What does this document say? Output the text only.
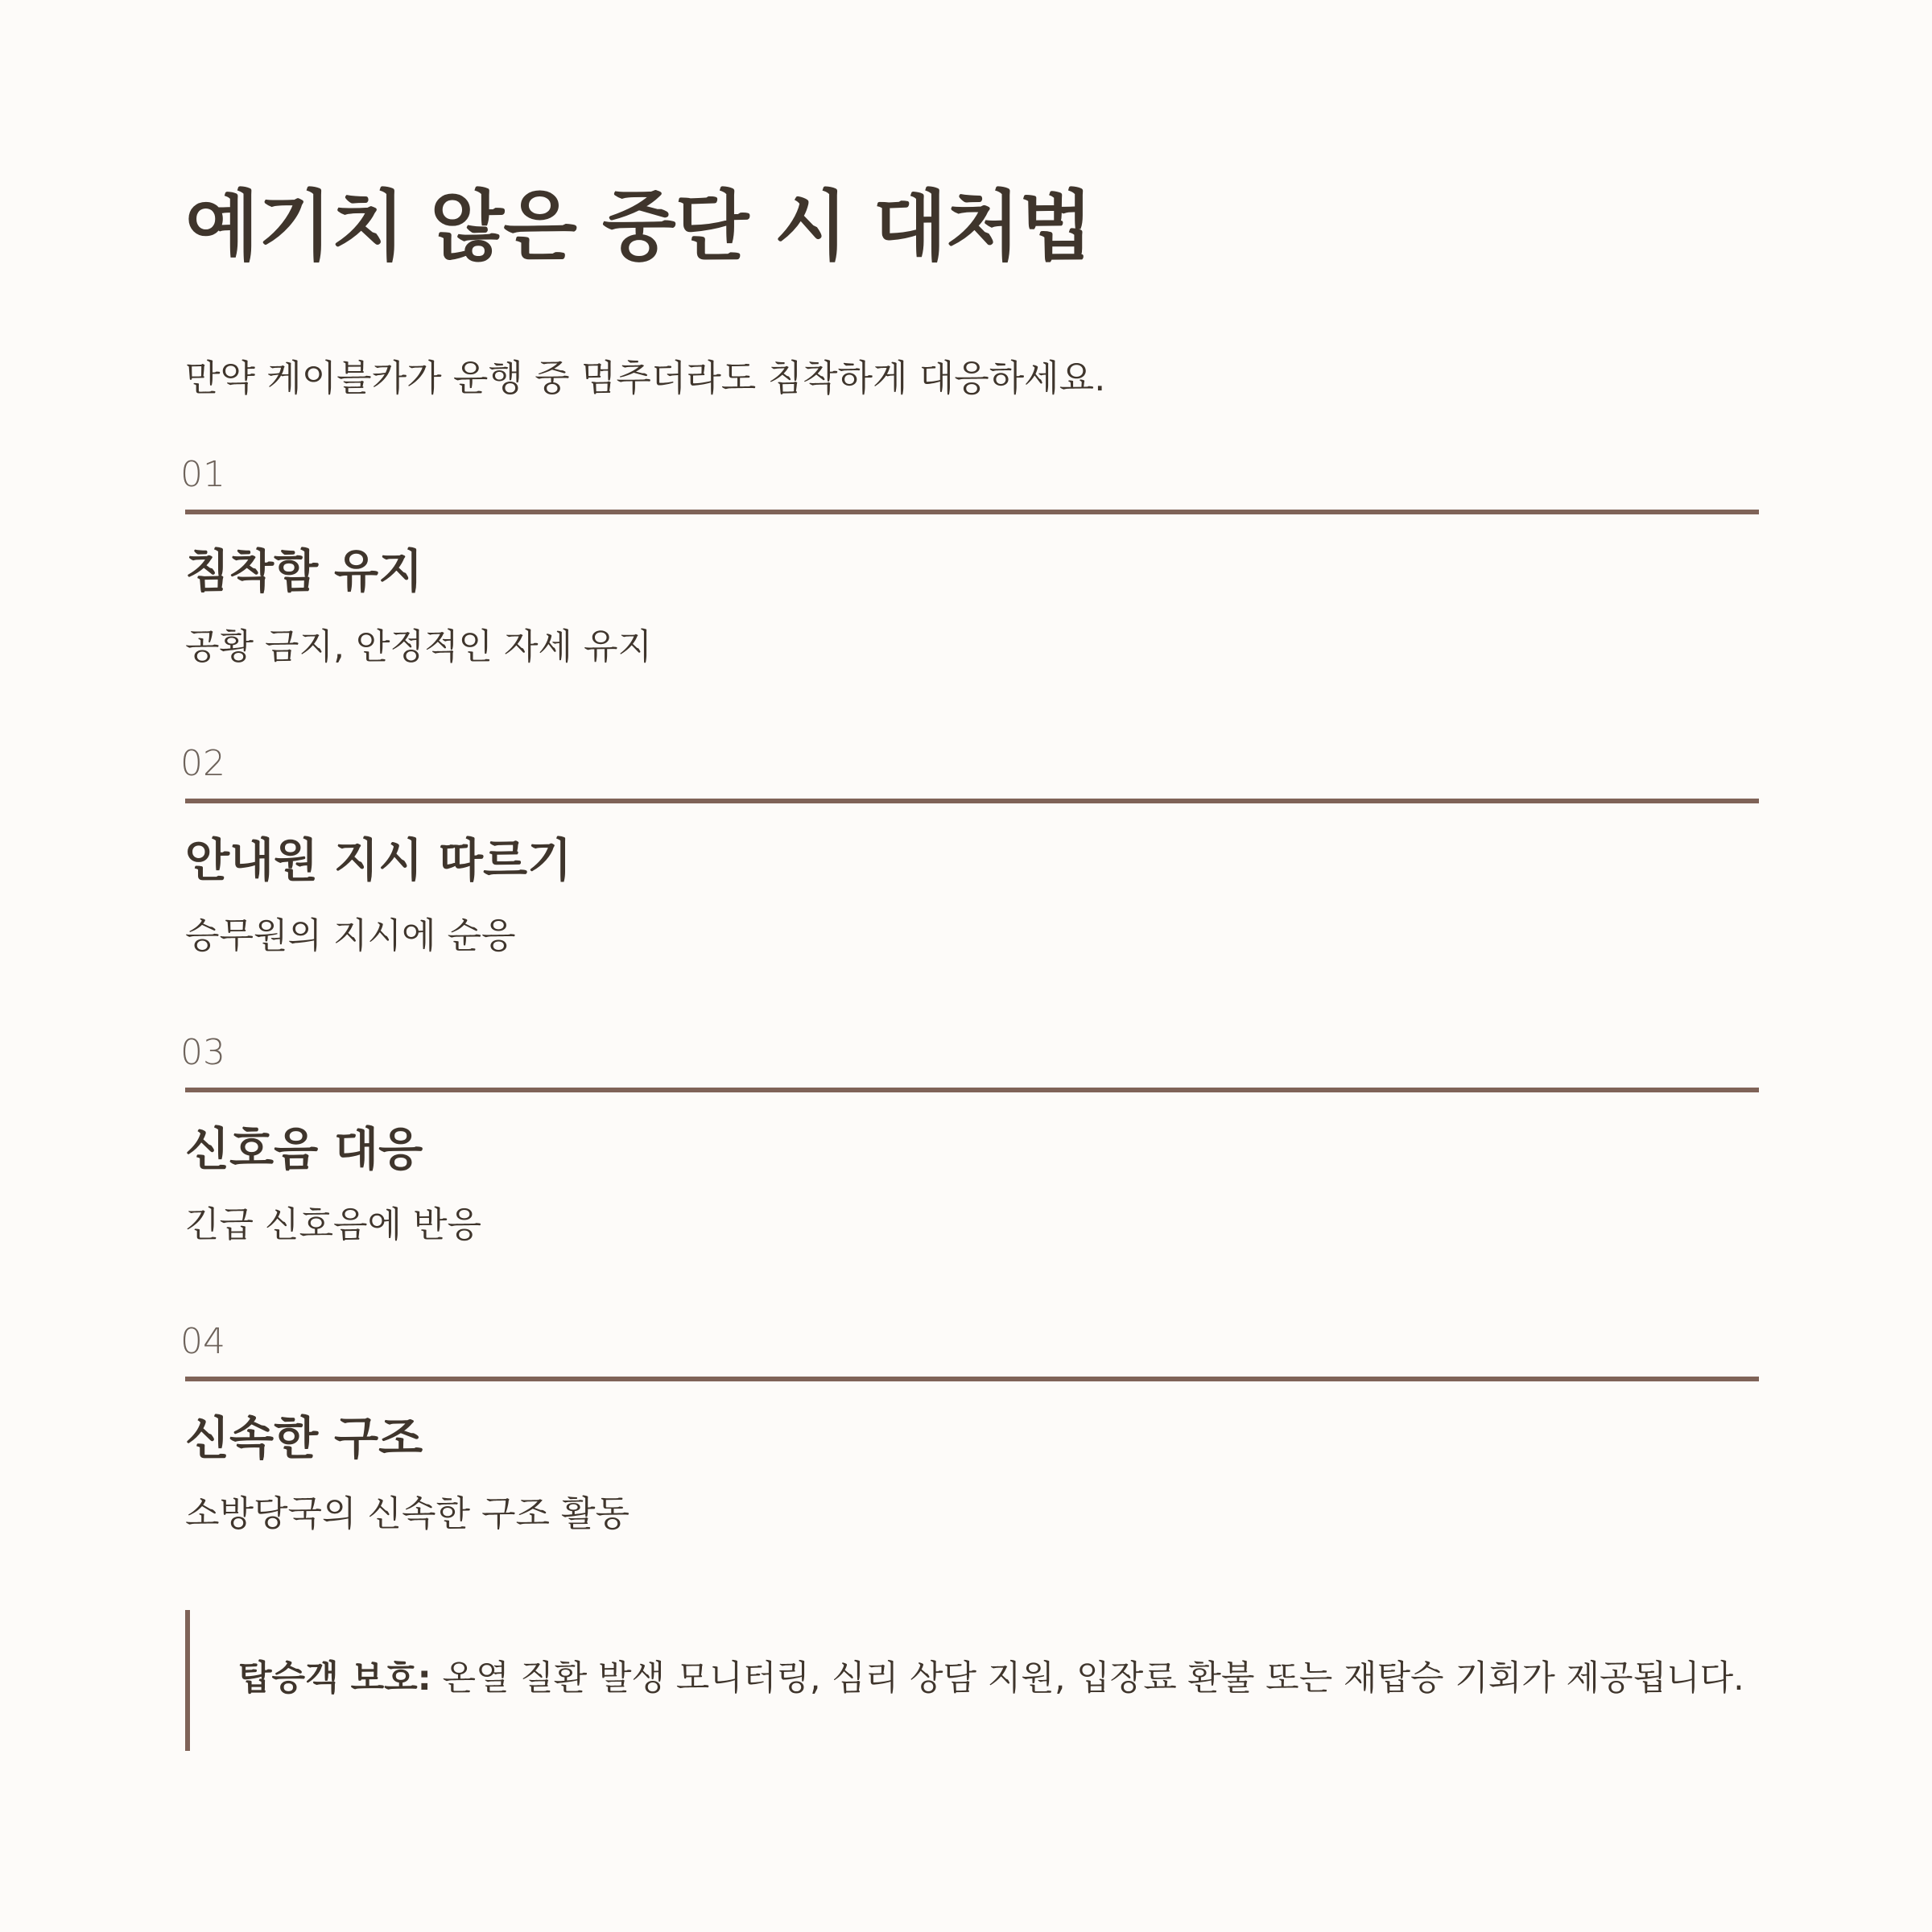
예기치 않은 중단 시 대처법
만약 케이블카가 운행 중 멈추더라도 침착하게 대응하세요.
01
침착함 유지
공황 금지, 안정적인 자세 유지
02
안내원 지시 따르기
승무원의 지시에 순응
03
신호음 대응
긴급 신호음에 반응
04
신속한 구조
소방당국의 신속한 구조 활동
탑승객 보호: 온열 질환 발생 모니터링, 심리 상담 지원, 입장료 환불 또는 재탑승 기회가 제공됩니다.
